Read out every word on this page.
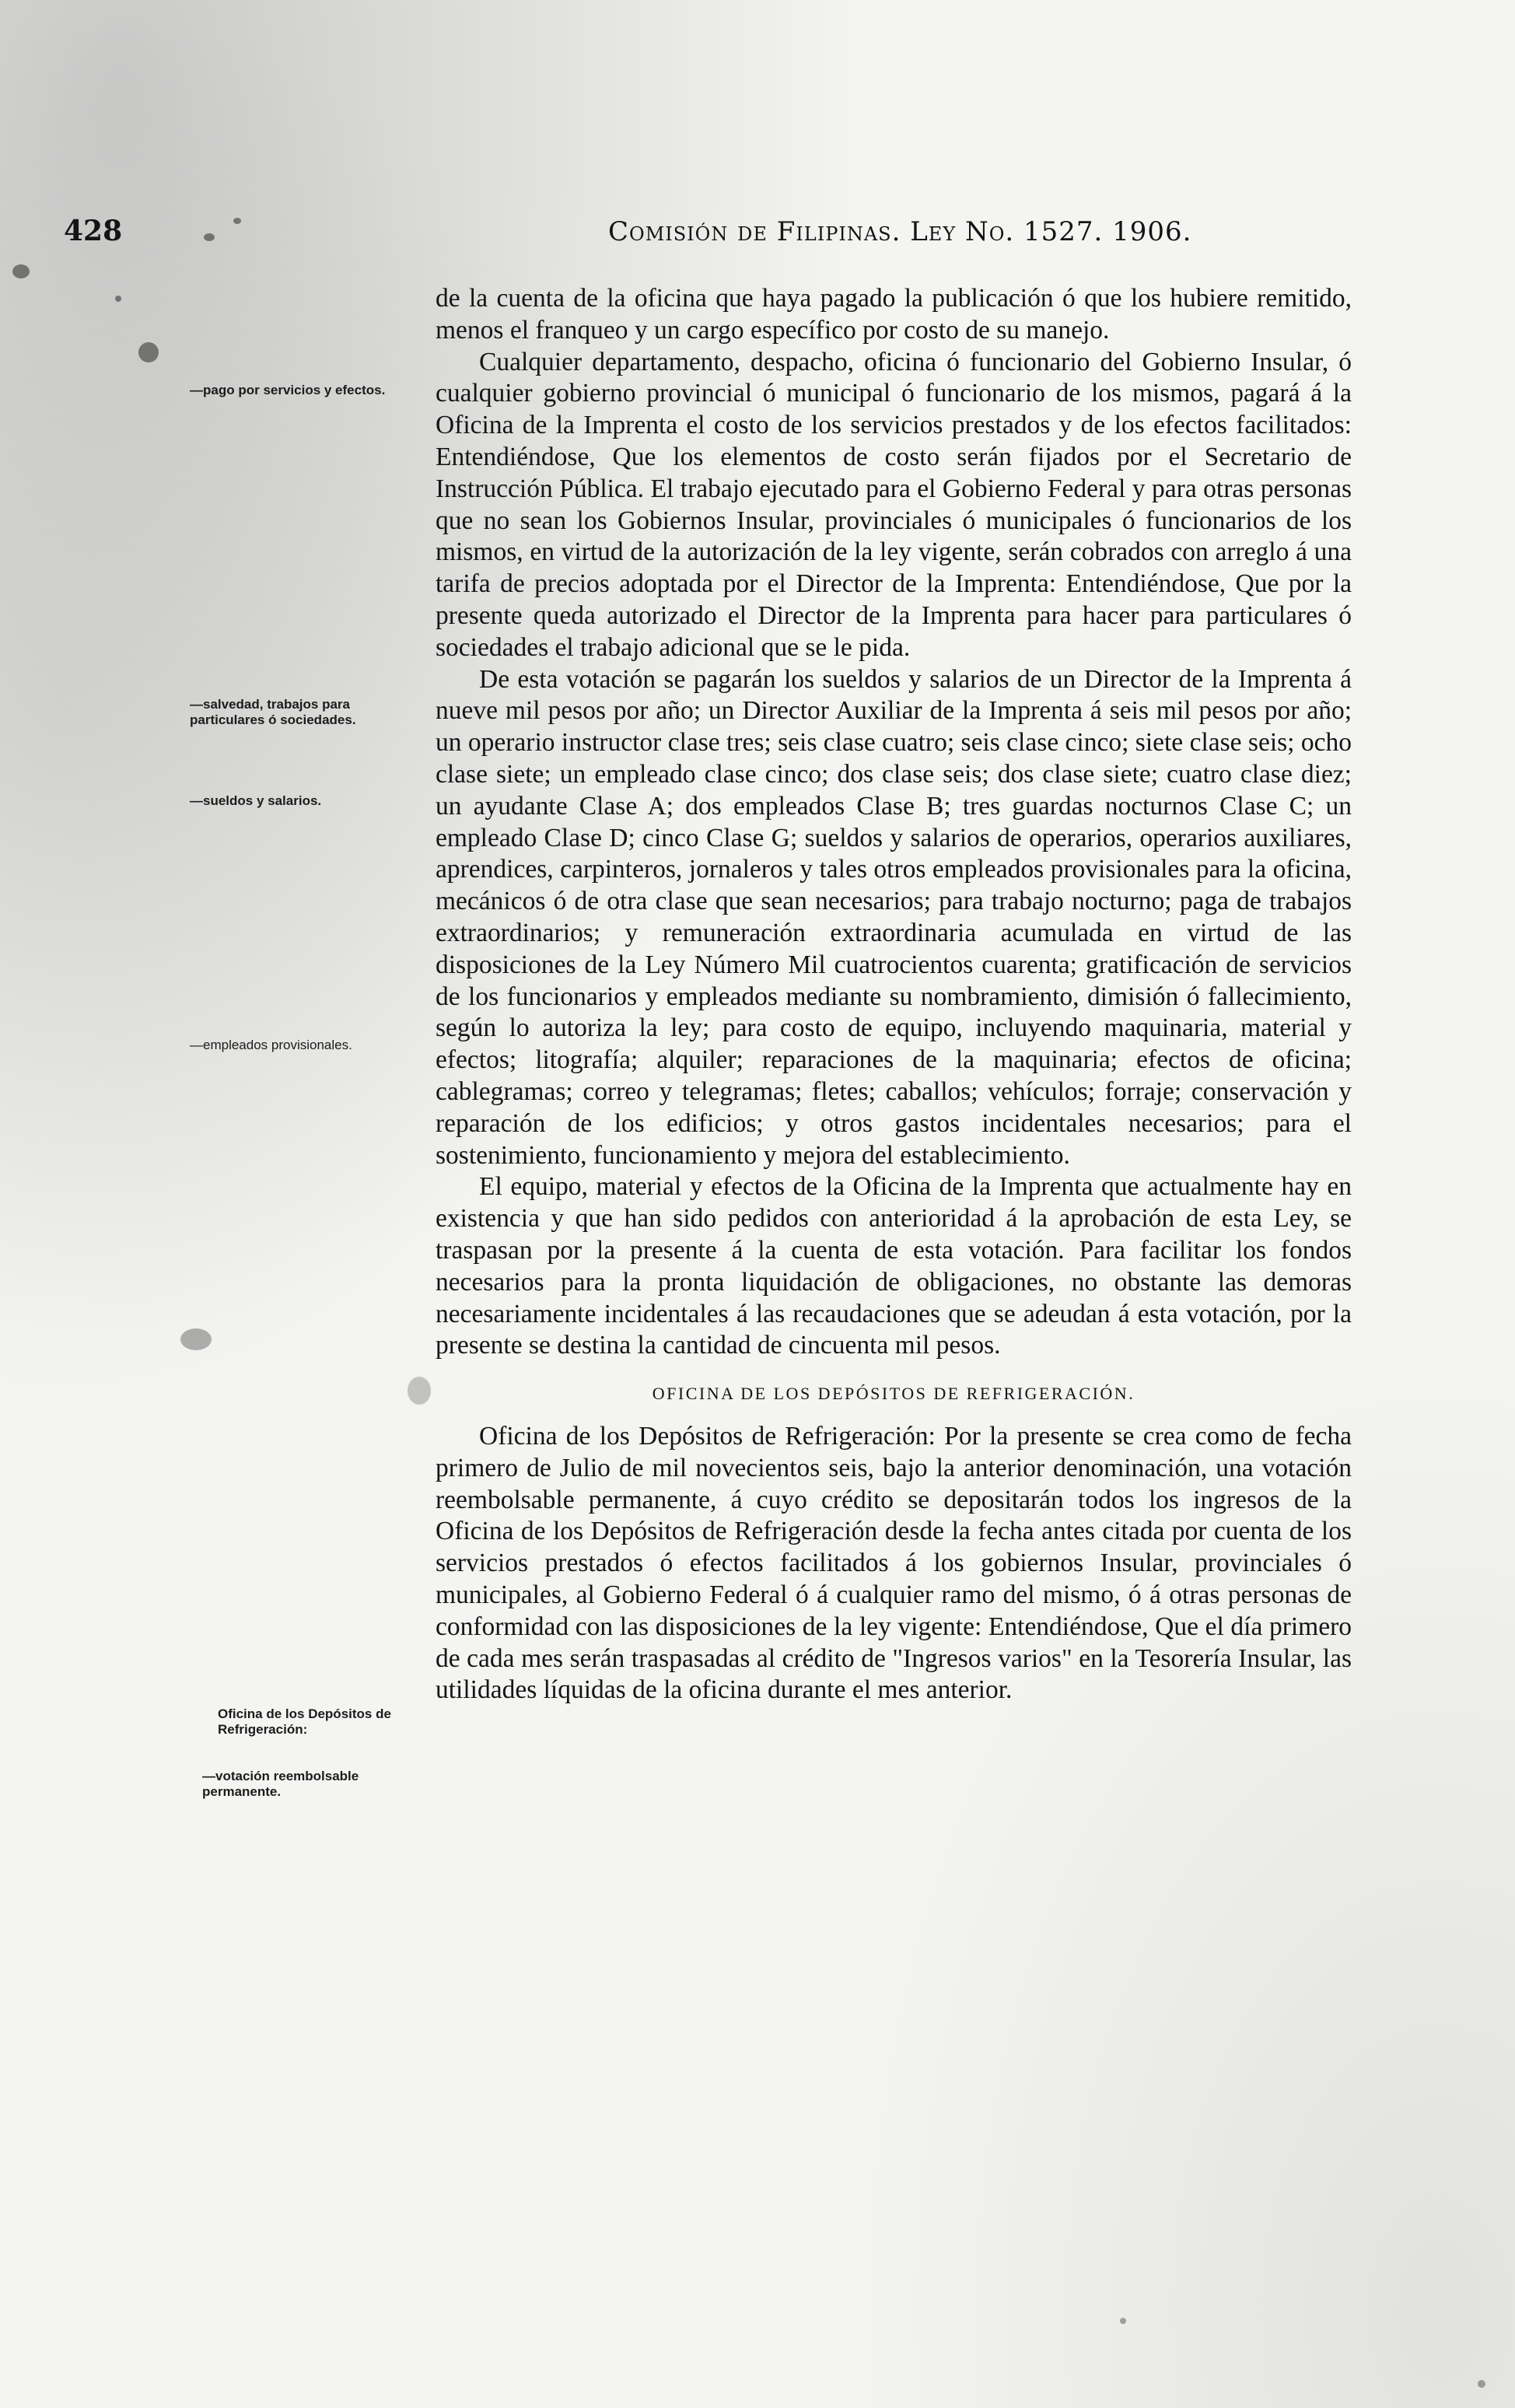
428	Comisión de Filipinas. Ley No. 1527. 1906.
—pago por servicios y efectos.
—salvedad, trabajos para particulares ó sociedades.
—sueldos y salarios.
—empleados provisionales.
Oficina de los Depósitos de Refrigeración:
—votación reembolsable permanente.

de la cuenta de la oficina que haya pagado la publicación ó que los hubiere remitido, menos el franqueo y un cargo específico por costo de su manejo.

Cualquier departamento, despacho, oficina ó funcionario del Gobierno Insular, ó cualquier gobierno provincial ó municipal ó funcionario de los mismos, pagará á la Oficina de la Imprenta el costo de los servicios prestados y de los efectos facilitados: Entendiéndose, Que los elementos de costo serán fijados por el Secretario de Instrucción Pública. El trabajo ejecutado para el Gobierno Federal y para otras personas que no sean los Gobiernos Insular, provinciales ó municipales ó funcionarios de los mismos, en virtud de la autorización de la ley vigente, serán cobrados con arreglo á una tarifa de precios adoptada por el Director de la Imprenta: Entendiéndose, Que por la presente queda autorizado el Director de la Imprenta para hacer para particulares ó sociedades el trabajo adicional que se le pida.

De esta votación se pagarán los sueldos y salarios de un Director de la Imprenta á nueve mil pesos por año; un Director Auxiliar de la Imprenta á seis mil pesos por año; un operario instructor clase tres; seis clase cuatro; seis clase cinco; siete clase seis; ocho clase siete; un empleado clase cinco; dos clase seis; dos clase siete; cuatro clase diez; un ayudante Clase A; dos empleados Clase B; tres guardas nocturnos Clase C; un empleado Clase D; cinco Clase G; sueldos y salarios de operarios, operarios auxiliares, aprendices, carpinteros, jornaleros y tales otros empleados provisionales para la oficina, mecánicos ó de otra clase que sean necesarios; para trabajo nocturno; paga de trabajos extraordinarios; y remuneración extraordinaria acumulada en virtud de las disposiciones de la Ley Número Mil cuatrocientos cuarenta; gratificación de servicios de los funcionarios y empleados mediante su nombramiento, dimisión ó fallecimiento, según lo autoriza la ley; para costo de equipo, incluyendo maquinaria, material y efectos; litografía; alquiler; reparaciones de la maquinaria; efectos de oficina; cablegramas; correo y telegramas; fletes; caballos; vehículos; forraje; conservación y reparación de los edificios; y otros gastos incidentales necesarios; para el sostenimiento, funcionamiento y mejora del establecimiento.

El equipo, material y efectos de la Oficina de la Imprenta que actualmente hay en existencia y que han sido pedidos con anterioridad á la aprobación de esta Ley, se traspasan por la presente á la cuenta de esta votación. Para facilitar los fondos necesarios para la pronta liquidación de obligaciones, no obstante las demoras necesariamente incidentales á las recaudaciones que se adeudan á esta votación, por la presente se destina la cantidad de cincuenta mil pesos.

OFICINA DE LOS DEPÓSITOS DE REFRIGERACIÓN.

Oficina de los Depósitos de Refrigeración: Por la presente se crea como de fecha primero de Julio de mil novecientos seis, bajo la anterior denominación, una votación reembolsable permanente, á cuyo crédito se depositarán todos los ingresos de la Oficina de los Depósitos de Refrigeración desde la fecha antes citada por cuenta de los servicios prestados ó efectos facilitados á los gobiernos Insular, provinciales ó municipales, al Gobierno Federal ó á cualquier ramo del mismo, ó á otras personas de conformidad con las disposiciones de la ley vigente: Entendiéndose, Que el día primero de cada mes serán traspasadas al crédito de "Ingresos varios" en la Tesorería Insular, las utilidades líquidas de la oficina durante el mes anterior.
